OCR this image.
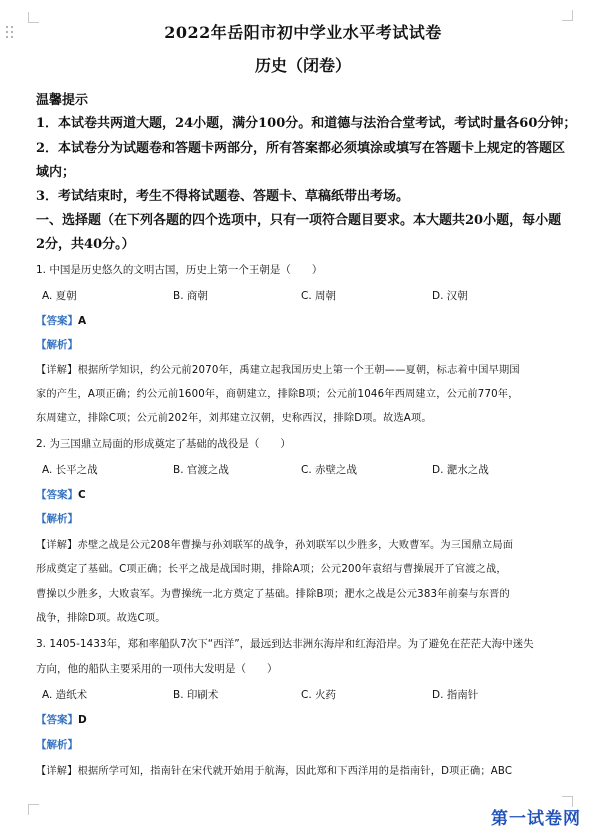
2022年岳阳市初中学业水平考试试卷
历史（闭卷）
温馨提示
1．本试卷共两道大题，24小题，满分100分。和道德与法治合堂考试，考试时量各60分钟；
2．本试卷分为试题卷和答题卡两部分，所有答案都必须填涂或填写在答题卡上规定的答题区
域内；
3．考试结束时，考生不得将试题卷、答题卡、草稿纸带出考场。
一、选择题（在下列各题的四个选项中，只有一项符合题目要求。本大题共20小题，每小题
2分，共40分。）
1. 中国是历史悠久的文明古国，历史上第一个王朝是（　　）
A. 夏朝	B. 商朝	C. 周朝	D. 汉朝
【答案】A
【解析】
【详解】根据所学知识，约公元前2070年，禹建立起我国历史上第一个王朝——夏朝，标志着中国早期国
家的产生，A项正确；约公元前1600年，商朝建立，排除B项；公元前1046年西周建立，公元前770年，
东周建立，排除C项；公元前202年，刘邦建立汉朝，史称西汉，排除D项。故选A项。
2. 为三国鼎立局面的形成奠定了基础的战役是（　　）
A. 长平之战	B. 官渡之战	C. 赤壁之战	D. 淝水之战
【答案】C
【解析】
【详解】赤壁之战是公元208年曹操与孙刘联军的战争，孙刘联军以少胜多，大败曹军。为三国鼎立局面
形成奠定了基础。C项正确；长平之战是战国时期，排除A项；公元200年袁绍与曹操展开了官渡之战，
曹操以少胜多，大败袁军。为曹操统一北方奠定了基础。排除B项；淝水之战是公元383年前秦与东晋的
战争，排除D项。故选C项。
3. 1405-1433年，郑和率船队7次下“西洋”，最远到达非洲东海岸和红海沿岸。为了避免在茫茫大海中迷失
方向，他的船队主要采用的一项伟大发明是（　　）
A. 造纸术	B. 印刷术	C. 火药	D. 指南针
【答案】D
【解析】
【详解】根据所学可知，指南针在宋代就开始用于航海，因此郑和下西洋用的是指南针，D项正确；ABC
第一试卷网
